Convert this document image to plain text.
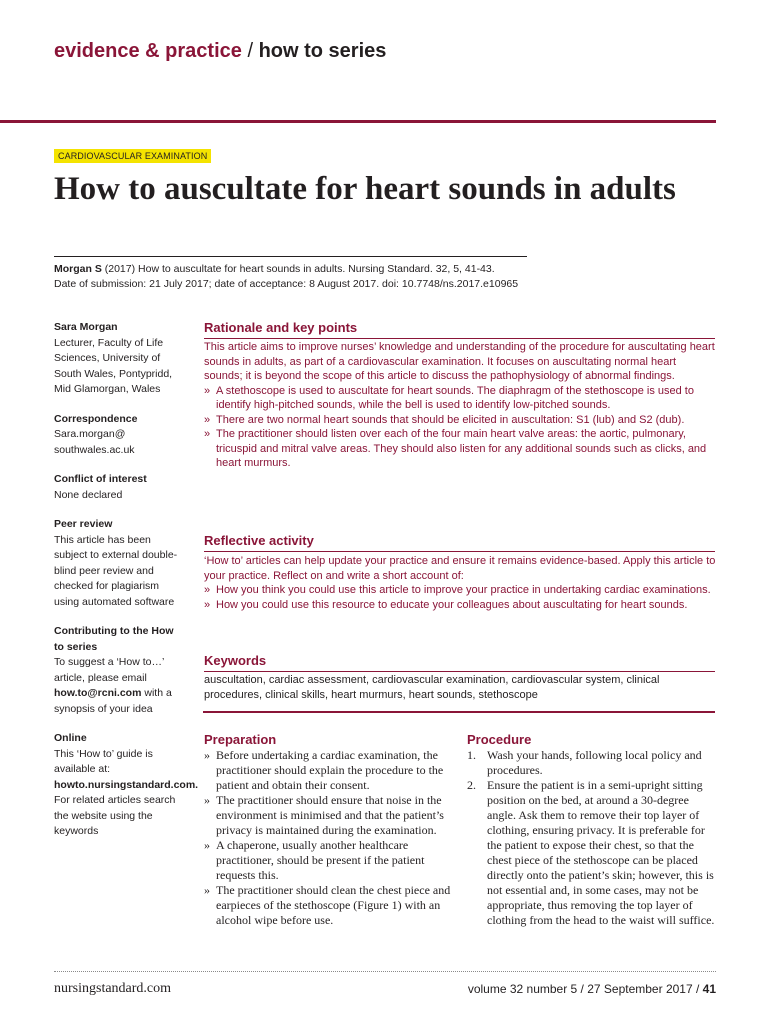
evidence & practice / how to series
CARDIOVASCULAR EXAMINATION
How to auscultate for heart sounds in adults
Morgan S (2017) How to auscultate for heart sounds in adults. Nursing Standard. 32, 5, 41-43.
Date of submission: 21 July 2017; date of acceptance: 8 August 2017. doi: 10.7748/ns.2017.e10965
Sara Morgan
Lecturer, Faculty of Life Sciences, University of South Wales, Pontypridd, Mid Glamorgan, Wales
Correspondence
Sara.morgan@
southwales.ac.uk
Conflict of interest
None declared
Peer review
This article has been subject to external double-blind peer review and checked for plagiarism using automated software
Contributing to the How to series
To suggest a ‘How to…’ article, please email how.to@rcni.com with a synopsis of your idea
Online
This ‘How to’ guide is available at: howto.nursingstandard.com. For related articles search the website using the keywords
Rationale and key points
This article aims to improve nurses’ knowledge and understanding of the procedure for auscultating heart sounds in adults, as part of a cardiovascular examination. It focuses on auscultating normal heart sounds; it is beyond the scope of this article to discuss the pathophysiology of abnormal findings.
» A stethoscope is used to auscultate for heart sounds. The diaphragm of the stethoscope is used to identify high-pitched sounds, while the bell is used to identify low-pitched sounds.
» There are two normal heart sounds that should be elicited in auscultation: S1 (lub) and S2 (dub).
» The practitioner should listen over each of the four main heart valve areas: the aortic, pulmonary, tricuspid and mitral valve areas. They should also listen for any additional sounds such as clicks, and heart murmurs.
Reflective activity
‘How to’ articles can help update your practice and ensure it remains evidence-based. Apply this article to your practice. Reflect on and write a short account of:
» How you think you could use this article to improve your practice in undertaking cardiac examinations.
» How you could use this resource to educate your colleagues about auscultating for heart sounds.
Keywords
auscultation, cardiac assessment, cardiovascular examination, cardiovascular system, clinical procedures, clinical skills, heart murmurs, heart sounds, stethoscope
Preparation
» Before undertaking a cardiac examination, the practitioner should explain the procedure to the patient and obtain their consent.
» The practitioner should ensure that noise in the environment is minimised and that the patient’s privacy is maintained during the examination.
» A chaperone, usually another healthcare practitioner, should be present if the patient requests this.
» The practitioner should clean the chest piece and earpieces of the stethoscope (Figure 1) with an alcohol wipe before use.
Procedure
1. Wash your hands, following local policy and procedures.
2. Ensure the patient is in a semi-upright sitting position on the bed, at around a 30-degree angle. Ask them to remove their top layer of clothing, ensuring privacy. It is preferable for the patient to expose their chest, so that the chest piece of the stethoscope can be placed directly onto the patient’s skin; however, this is not essential and, in some cases, may not be appropriate, thus removing the top layer of clothing from the head to the waist will suffice.
nursingstandard.com	volume 32 number 5 / 27 September 2017 / 41
